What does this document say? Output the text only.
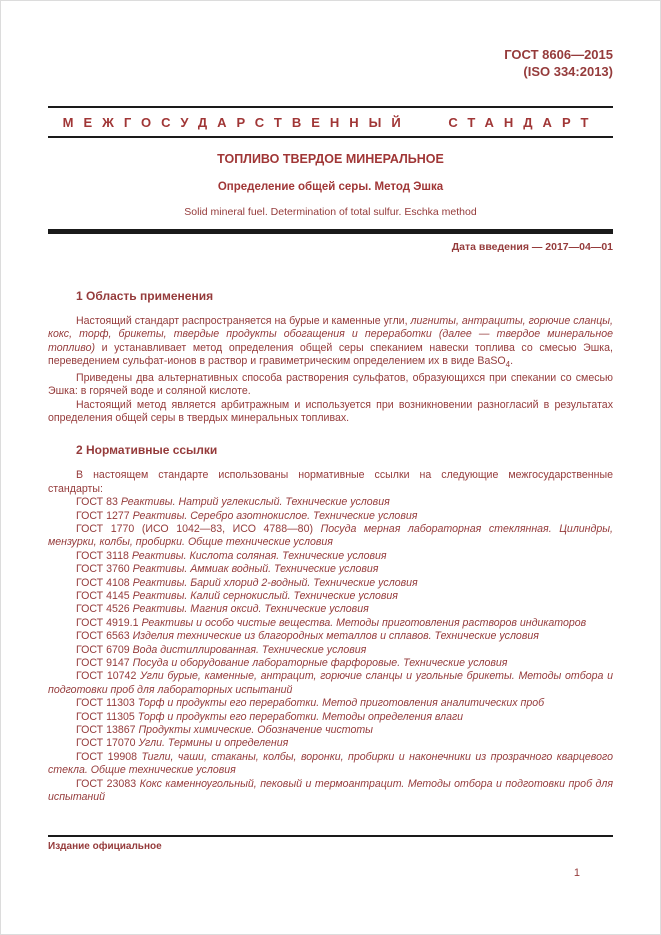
ГОСТ 8606—2015
(ISO 334:2013)
МЕЖГОСУДАРСТВЕННЫЙ СТАНДАРТ
ТОПЛИВО ТВЕРДОЕ МИНЕРАЛЬНОЕ
Определение общей серы. Метод Эшка
Solid mineral fuel. Determination of total sulfur. Eschka method
Дата введения — 2017—04—01
1 Область применения

Настоящий стандарт распространяется на бурые и каменные угли, лигниты, антрациты, горючие сланцы, кокс, торф, брикеты, твердые продукты обогащения и переработки (далее — твердое минеральное топливо) и устанавливает метод определения общей серы спеканием навески топлива со смесью Эшка, переведением сульфат-ионов в раствор и гравиметрическим определением их в виде BaSO$_4$.

Приведены два альтернативных способа растворения сульфатов, образующихся при спекании со смесью Эшка: в горячей воде и соляной кислоте.

Настоящий метод является арбитражным и используется при возникновении разногласий в результатах определения общей серы в твердых минеральных топливах.

2 Нормативные ссылки

В настоящем стандарте использованы нормативные ссылки на следующие межгосударственные стандарты:

ГОСТ 83 Реактивы. Натрий углекислый. Технические условия

ГОСТ 1277 Реактивы. Серебро азотнокислое. Технические условия

ГОСТ 1770 (ИСО 1042—83, ИСО 4788—80) Посуда мерная лабораторная стеклянная. Цилиндры, мензурки, колбы, пробирки. Общие технические условия

ГОСТ 3118 Реактивы. Кислота соляная. Технические условия

ГОСТ 3760 Реактивы. Аммиак водный. Технические условия

ГОСТ 4108 Реактивы. Барий хлорид 2-водный. Технические условия

ГОСТ 4145 Реактивы. Калий сернокислый. Технические условия

ГОСТ 4526 Реактивы. Магния оксид. Технические условия

ГОСТ 4919.1 Реактивы и особо чистые вещества. Методы приготовления растворов индикаторов

ГОСТ 6563 Изделия технические из благородных металлов и сплавов. Технические условия

ГОСТ 6709 Вода дистиллированная. Технические условия

ГОСТ 9147 Посуда и оборудование лабораторные фарфоровые. Технические условия

ГОСТ 10742 Угли бурые, каменные, антрацит, горючие сланцы и угольные брикеты. Методы отбора и подготовки проб для лабораторных испытаний

ГОСТ 11303 Торф и продукты его переработки. Метод приготовления аналитических проб

ГОСТ 11305 Торф и продукты его переработки. Методы определения влаги

ГОСТ 13867 Продукты химические. Обозначение чистоты

ГОСТ 17070 Угли. Термины и определения

ГОСТ 19908 Тигли, чаши, стаканы, колбы, воронки, пробирки и наконечники из прозрачного кварцевого стекла. Общие технические условия

ГОСТ 23083 Кокс каменноугольный, пековый и термоантрацит. Методы отбора и подготовки проб для испытаний

Издание официальное
1
